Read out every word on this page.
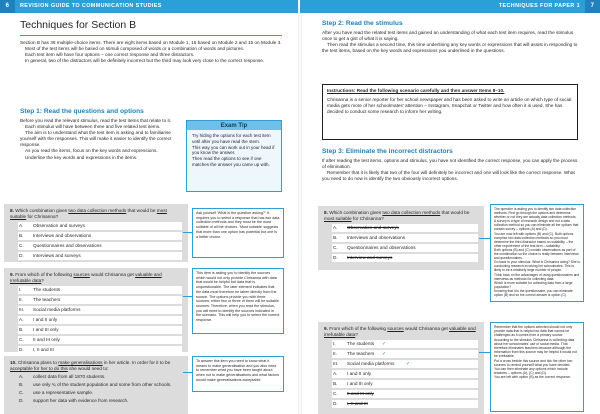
6	REVISION GUIDE TO COMMUNICATION STUDIES
Techniques for Section B

Section B has 38 multiple-choice items. There are eight items based on Module 1, 15 based on Module 2 and 15 on Module 3.

Most of the test items will be based on stimuli composed of words or a combination of words and pictures.

Each test item will have four options – one correct response and three distractors.

In general, two of the distractors will be definitely incorrect but the third may look very close to the correct response.

Step 1: Read the questions and options

Before you read the relevant stimulus, read the test items that relate to it.

Each stimulus will have between three and five related test items.

The aim is to understand what the test item is asking and to familiarise yourself with the responses. This will make it easier to identify the correct response.

As you read the items, focus on the key words and expressions.

Underline the key words and expressions in the items.

Exam Tip

Try hiding the options for each test item until after you have read the stem.

This way you can work out in your head if you know the answer.

Then read the options to see if one matches the answer you came up with.

8. Which combination gives two data collection methods that would be most suitable for Chrisanna?
A. Observation and surveys
B. Interviews and observations
C. Questionnaires and observations
D. Interviews and surveys
Ask yourself 'What is the question asking?' It requires you to select a response that has two data collection methods and they must be the most suitable of all the choices. 'Most suitable' suggests that more than one option has potential but one is a better choice.
9. From which of the following sources would Chrisanna get valuable and irrefutable data?
I. The students
II. The teachers
III. Social media platforms
A. I and II only
B. I and III only
C. II and III only
D. I, II and III
This item is asking you to identify the sources which would not only provide Chrisanna with data that would be helpful but data that is unquestionable. The later element indicates that the data must therefore be taken directly from the source. The options provide you with three sources; either two or three of them will be suitable sources. Therefore, when you read the stimulus, you will need to identify the sources indicated in the scenario. This will help you to select the correct response.
10. Chrisanna plans to make generalisations in her article. In order for it to be acceptable for her to do this she would need to:
A. collect data from all 1870 students.
B. use only ¾ of the student population and some from other schools.
C. use a representative sample.
D. support her data with evidence from research.
To answer this item you need to know what it means to make generalisation and you also need to remember what you have been taught about when not to make generalisations and what factors would make generalisations acceptable.
TECHNIQUES FOR PAPER 1	7
Step 2: Read the stimulus

After you have read the related test items and gained an understanding of what each test item requires, read the stimulus once to get a gist of what it is saying.

Then read the stimulus a second time, this time underlining any key words or expressions that will assist in responding to the test items, based on the key words and expressions you underlined in the questions.

Instructions: Read the following scenario carefully and then answer Items 8–10.

Chrisanna is a senior reporter for her school newspaper and has been asked to write an article on which type of social media gets more of her schoolmates' attention – Instagram, Snapchat or Twitter and how often it is used. She has decided to conduct some research to inform her writing.

Step 3: Eliminate the incorrect distractors

If after reading the test items, options and stimulus, you have not identified the correct response, you can apply the process of elimination.

Remember that it is likely that two of the four will definitely be incorrect and one will look like the correct response. What you need to do now is identify the two obviously incorrect options.

8. Which combination gives two data collection methods that would be most suitable for Chrisanna?
A. Observation and surveys
B. Interviews and observations
C. Questionnaires and observations
D. Interview and surveys

The question is asking you to identify two data collection methods. First go through the options and determine whether or not they are actually data collection methods.

A survey is a type of research design and not a data collection method so you can eliminate all the options that contain survey – options (A) and (D).

You are now left with options (B) and (C). Both options comprise two data collection methods so you must determine the third distractor based on suitability – the other requirement of the test item – suitability.

Both options (B) and (C) contain observations as part of the combination so the choice is really between interviews and questionnaires.

Go back to your stimulus. What is Chrisanna doing? She is conducting research involving her schoolmates. This is likely to be a relatively large number of people.

Think back on the advantages of using questionnaires and interviews as methods for collecting data.

Which is more suitable for collecting data from a large population?

Knowing that it is the questionnaire, you can eliminate option (B) and so the correct answer is option (C).

9. From which of the following sources would Chrisanna get valuable and irrefutable data?
I. The students ✓
II. The teachers ✓
III. Social media platforms ✓
A. I and II only
B. I and III only
C. II and III only
D. I, II and III

Remember that the options selected should not only provide data that is helpful but data that cannot be challenged as it comes from a primary source.

According to the stimulus Chrisanna is collecting data about her schoolmates' use of social media. That therefore eliminates teachers because although the information from this source may be helpful it would not be irrefutable.

Put a cross beside this source and tick the other two sources to remind yourself what you have decided.

You can then eliminate any options which include teachers – options (A), (C) and (D).

You are left with option (B) as the correct response.
